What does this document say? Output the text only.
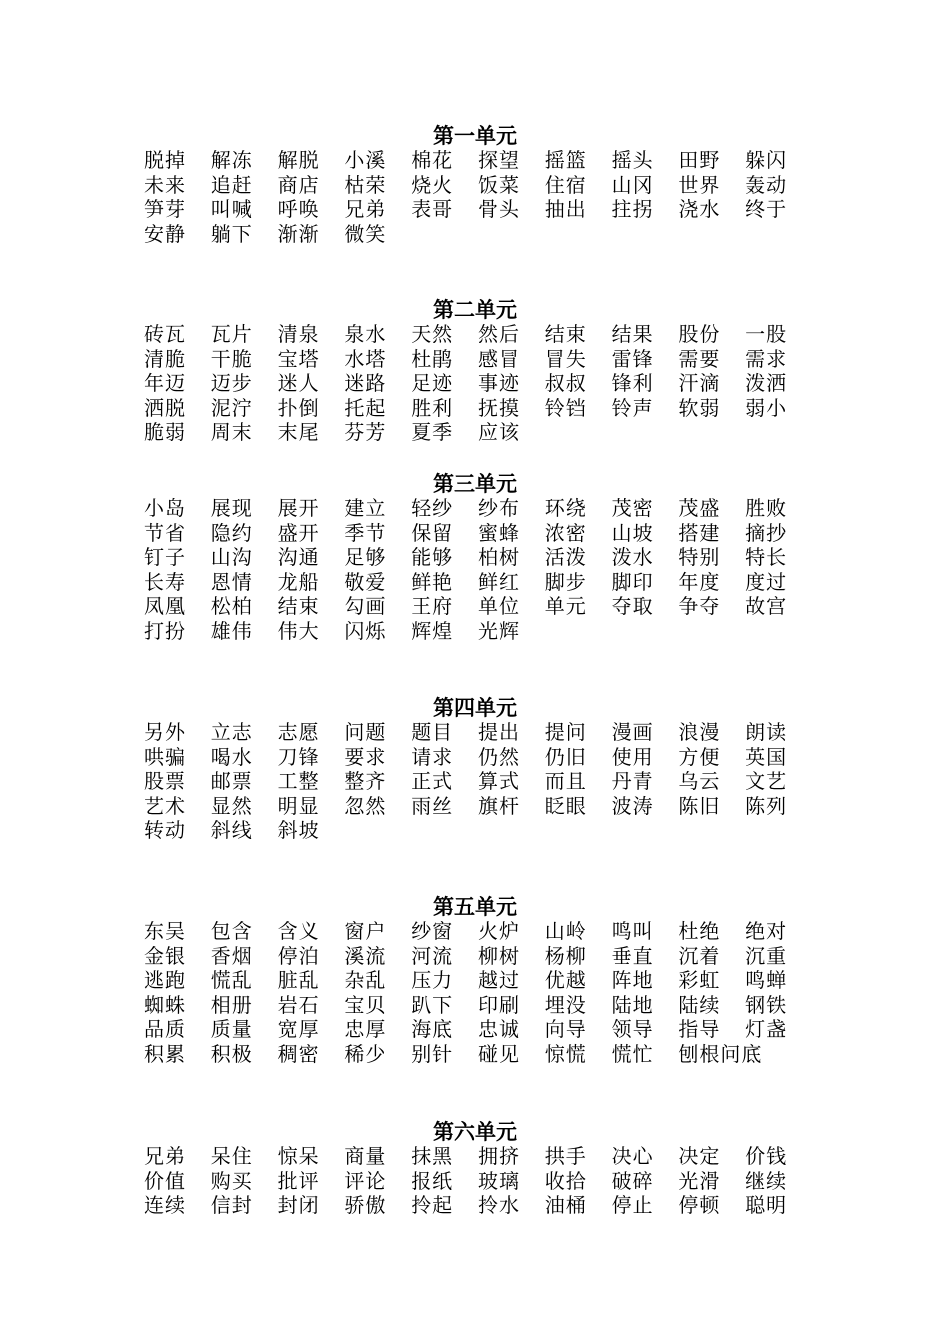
第一单元
脱掉	解冻	解脱	小溪	棉花	探望	摇篮	摇头	田野	躲闪
未来	追赶	商店	枯荣	烧火	饭菜	住宿	山冈	世界	轰动
笋芽	叫喊	呼唤	兄弟	表哥	骨头	抽出	拄拐	浇水	终于
安静	躺下	渐渐	微笑
第二单元
砖瓦	瓦片	清泉	泉水	天然	然后	结束	结果	股份	一股
清脆	干脆	宝塔	水塔	杜鹃	感冒	冒失	雷锋	需要	需求
年迈	迈步	迷人	迷路	足迹	事迹	叔叔	锋利	汗滴	泼洒
洒脱	泥泞	扑倒	托起	胜利	抚摸	铃铛	铃声	软弱	弱小
脆弱	周末	末尾	芬芳	夏季	应该
第三单元
小岛	展现	展开	建立	轻纱	纱布	环绕	茂密	茂盛	胜败
节省	隐约	盛开	季节	保留	蜜蜂	浓密	山坡	搭建	摘抄
钉子	山沟	沟通	足够	能够	柏树	活泼	泼水	特别	特长
长寿	恩情	龙船	敬爱	鲜艳	鲜红	脚步	脚印	年度	度过
凤凰	松柏	结束	勾画	王府	单位	单元	夺取	争夺	故宫
打扮	雄伟	伟大	闪烁	辉煌	光辉
第四单元
另外	立志	志愿	问题	题目	提出	提问	漫画	浪漫	朗读
哄骗	喝水	刀锋	要求	请求	仍然	仍旧	使用	方便	英国
股票	邮票	工整	整齐	正式	算式	而且	丹青	乌云	文艺
艺术	显然	明显	忽然	雨丝	旗杆	眨眼	波涛	陈旧	陈列
转动	斜线	斜坡
第五单元
东吴	包含	含义	窗户	纱窗	火炉	山岭	鸣叫	杜绝	绝对
金银	香烟	停泊	溪流	河流	柳树	杨柳	垂直	沉着	沉重
逃跑	慌乱	脏乱	杂乱	压力	越过	优越	阵地	彩虹	鸣蝉
蜘蛛	相册	岩石	宝贝	趴下	印刷	埋没	陆地	陆续	钢铁
品质	质量	宽厚	忠厚	海底	忠诚	向导	领导	指导	灯盏
积累	积极	稠密	稀少	别针	碰见	惊慌	慌忙	刨根问底
第六单元
兄弟	呆住	惊呆	商量	抹黑	拥挤	拱手	决心	决定	价钱
价值	购买	批评	评论	报纸	玻璃	收拾	破碎	光滑	继续
连续	信封	封闭	骄傲	拎起	拎水	油桶	停止	停顿	聪明
